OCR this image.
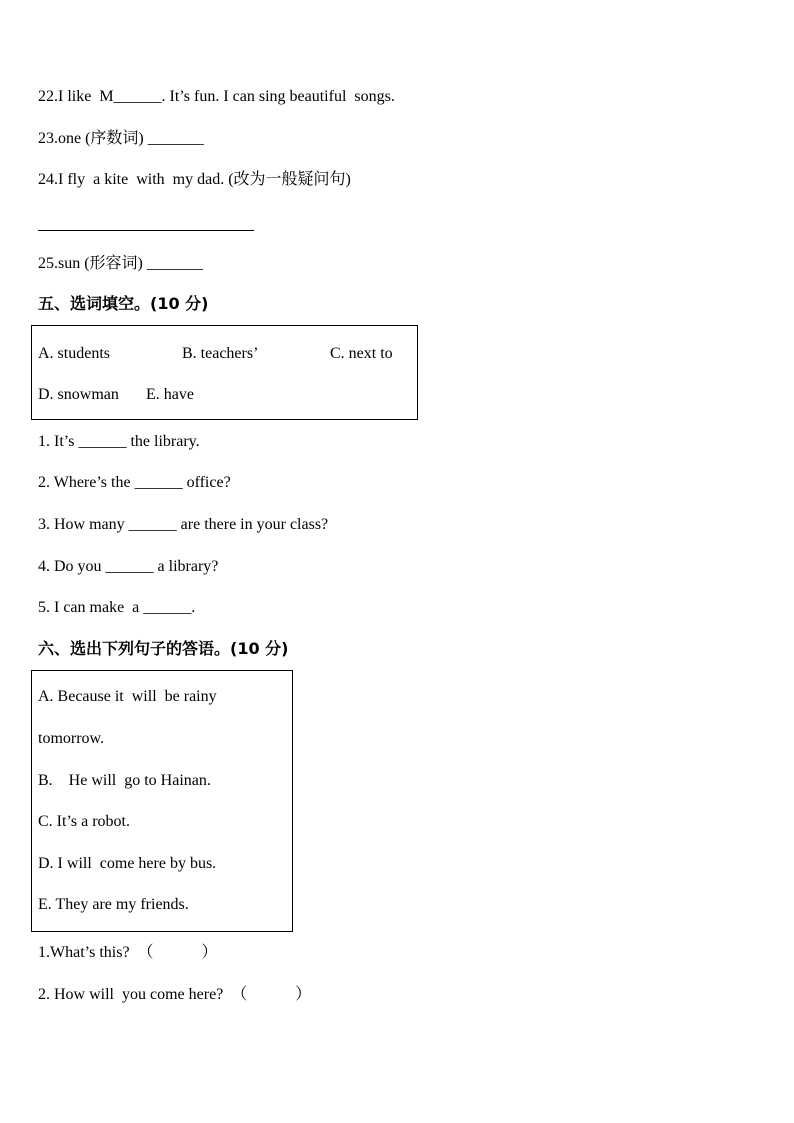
22.I like  M______. It’s fun. I can sing beautiful  songs.
23.one (序数词) _______
24.I fly  a kite  with  my dad. (改为一般疑问句)
25.sun (形容词) _______
五、选词填空。(10 分)
A. students	B. teachers’	C. next to
D. snowman E. have
1. It’s ______ the library.
2. Where’s the ______ office?
3. How many ______ are there in your class?
4. Do you ______ a library?
5. I can make  a ______.
六、选出下列句子的答语。(10 分)
A. Because it  will  be rainy
tomorrow.
B.    He will  go to Hainan.
C. It’s a robot.
D. I will  come here by bus.
E. They are my friends.
1.What’s this?  （            ）
2. How will  you come here?  （            ）
